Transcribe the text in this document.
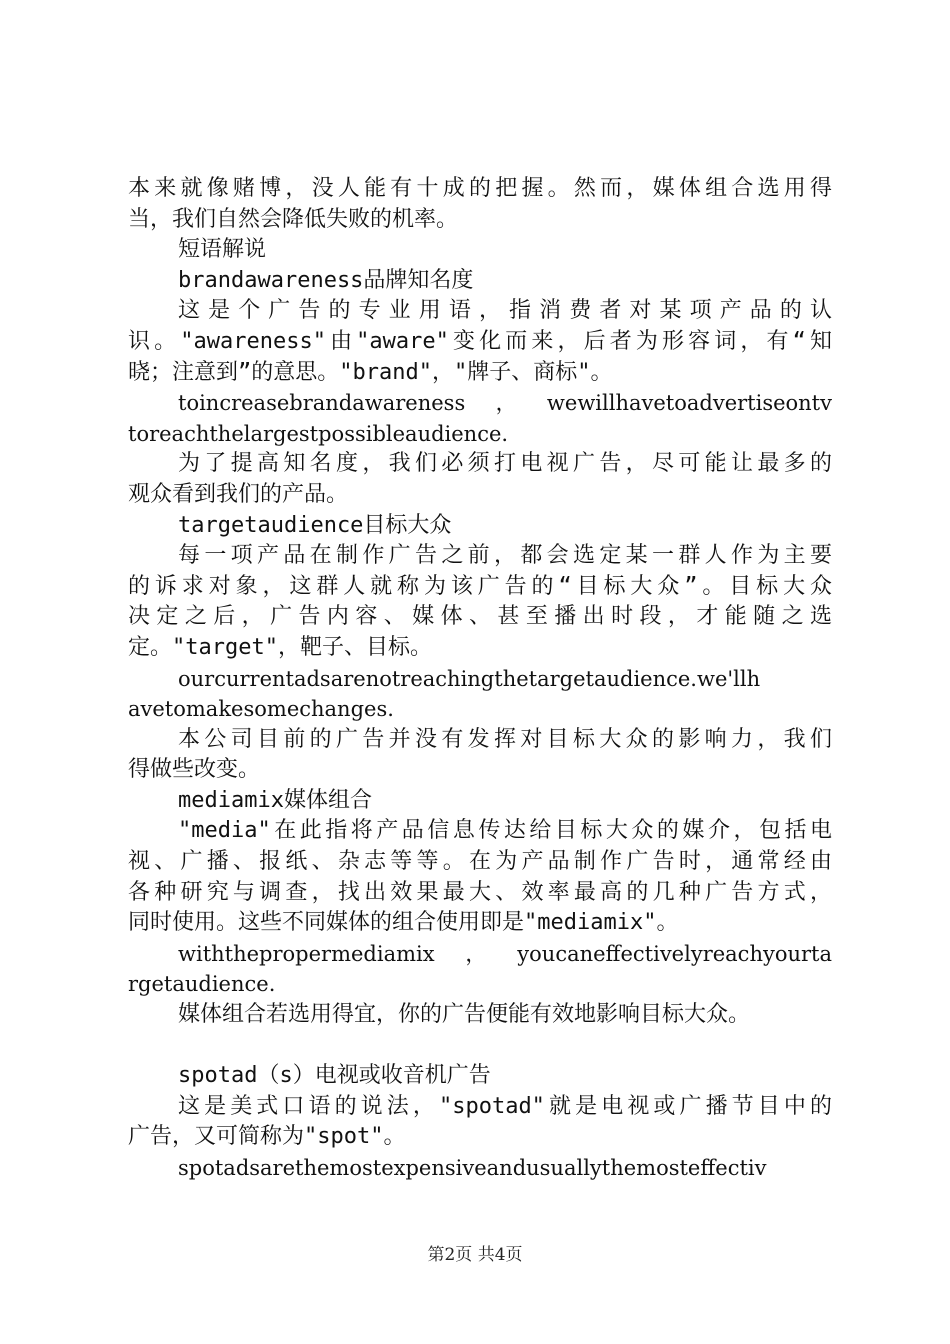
本来就像赌博，没人能有十成的把握。然而，媒体组合选用得
当，我们自然会降低失败的机率。
短语解说
brandawareness品牌知名度
这是个广告的专业用语，指消费者对某项产品的认
识。"awareness"由"aware"变化而来，后者为形容词，有“知
晓；注意到”的意思。"brand"，"牌子、商标"。
toincreasebrandawareness，wewillhavetoadvertiseontv
toreachthelargestpossibleaudience.
为了提高知名度，我们必须打电视广告，尽可能让最多的
观众看到我们的产品。
targetaudience目标大众
每一项产品在制作广告之前，都会选定某一群人作为主要
的诉求对象，这群人就称为该广告的“目标大众”。目标大众
决定之后，广告内容、媒体、甚至播出时段，才能随之选
定。"target"，靶子、目标。
ourcurrentadsarenotreachingthetargetaudience.we'llh
avetomakesomechanges.
本公司目前的广告并没有发挥对目标大众的影响力，我们
得做些改变。
mediamix媒体组合
"media"在此指将产品信息传达给目标大众的媒介，包括电
视、广播、报纸、杂志等等。在为产品制作广告时，通常经由
各种研究与调查，找出效果最大、效率最高的几种广告方式，
同时使用。这些不同媒体的组合使用即是"mediamix"。
withthepropermediamix，youcaneffectivelyreachyourta
rgetaudience.
媒体组合若选用得宜，你的广告便能有效地影响目标大众。
spotad（s）电视或收音机广告
这是美式口语的说法，"spotad"就是电视或广播节目中的
广告，又可简称为"spot"。
spotadsarethemostexpensiveandusuallythemosteffectiv
第2页 共4页
